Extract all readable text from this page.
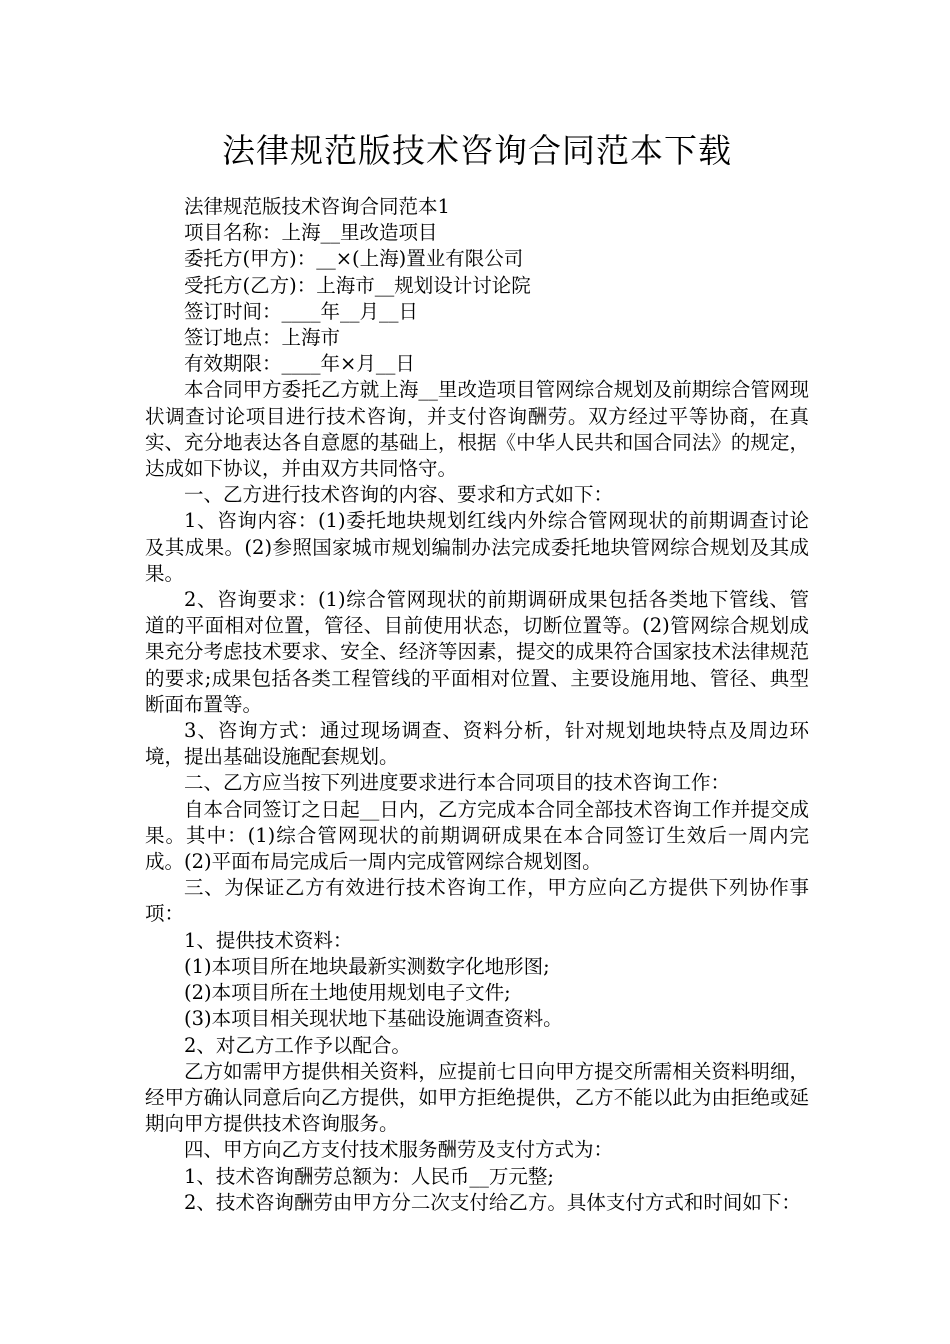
法律规范版技术咨询合同范本下载

法律规范版技术咨询合同范本1

项目名称：上海__里改造项目

委托方(甲方)：__×(上海)置业有限公司

受托方(乙方)：上海市__规划设计讨论院

签订时间：____年__月__日

签订地点：上海市

有效期限：____年×月__日

本合同甲方委托乙方就上海__里改造项目管网综合规划及前期综合管网现状调查讨论项目进行技术咨询，并支付咨询酬劳。双方经过平等协商，在真实、充分地表达各自意愿的基础上，根据《中华人民共和国合同法》的规定，达成如下协议，并由双方共同恪守。

一、乙方进行技术咨询的内容、要求和方式如下：

1、咨询内容：(1)委托地块规划红线内外综合管网现状的前期调查讨论及其成果。(2)参照国家城市规划编制办法完成委托地块管网综合规划及其成果。

2、咨询要求：(1)综合管网现状的前期调研成果包括各类地下管线、管道的平面相对位置，管径、目前使用状态，切断位置等。(2)管网综合规划成果充分考虑技术要求、安全、经济等因素，提交的成果符合国家技术法律规范的要求;成果包括各类工程管线的平面相对位置、主要设施用地、管径、典型断面布置等。

3、咨询方式：通过现场调查、资料分析，针对规划地块特点及周边环境，提出基础设施配套规划。

二、乙方应当按下列进度要求进行本合同项目的技术咨询工作：

自本合同签订之日起__日内，乙方完成本合同全部技术咨询工作并提交成果。其中：(1)综合管网现状的前期调研成果在本合同签订生效后一周内完成。(2)平面布局完成后一周内完成管网综合规划图。

三、为保证乙方有效进行技术咨询工作，甲方应向乙方提供下列协作事项：

1、提供技术资料：

(1)本项目所在地块最新实测数字化地形图;

(2)本项目所在土地使用规划电子文件;

(3)本项目相关现状地下基础设施调查资料。

2、对乙方工作予以配合。

乙方如需甲方提供相关资料，应提前七日向甲方提交所需相关资料明细，经甲方确认同意后向乙方提供，如甲方拒绝提供，乙方不能以此为由拒绝或延期向甲方提供技术咨询服务。

四、甲方向乙方支付技术服务酬劳及支付方式为：

1、技术咨询酬劳总额为：人民币__万元整;

2、技术咨询酬劳由甲方分二次支付给乙方。具体支付方式和时间如下：
